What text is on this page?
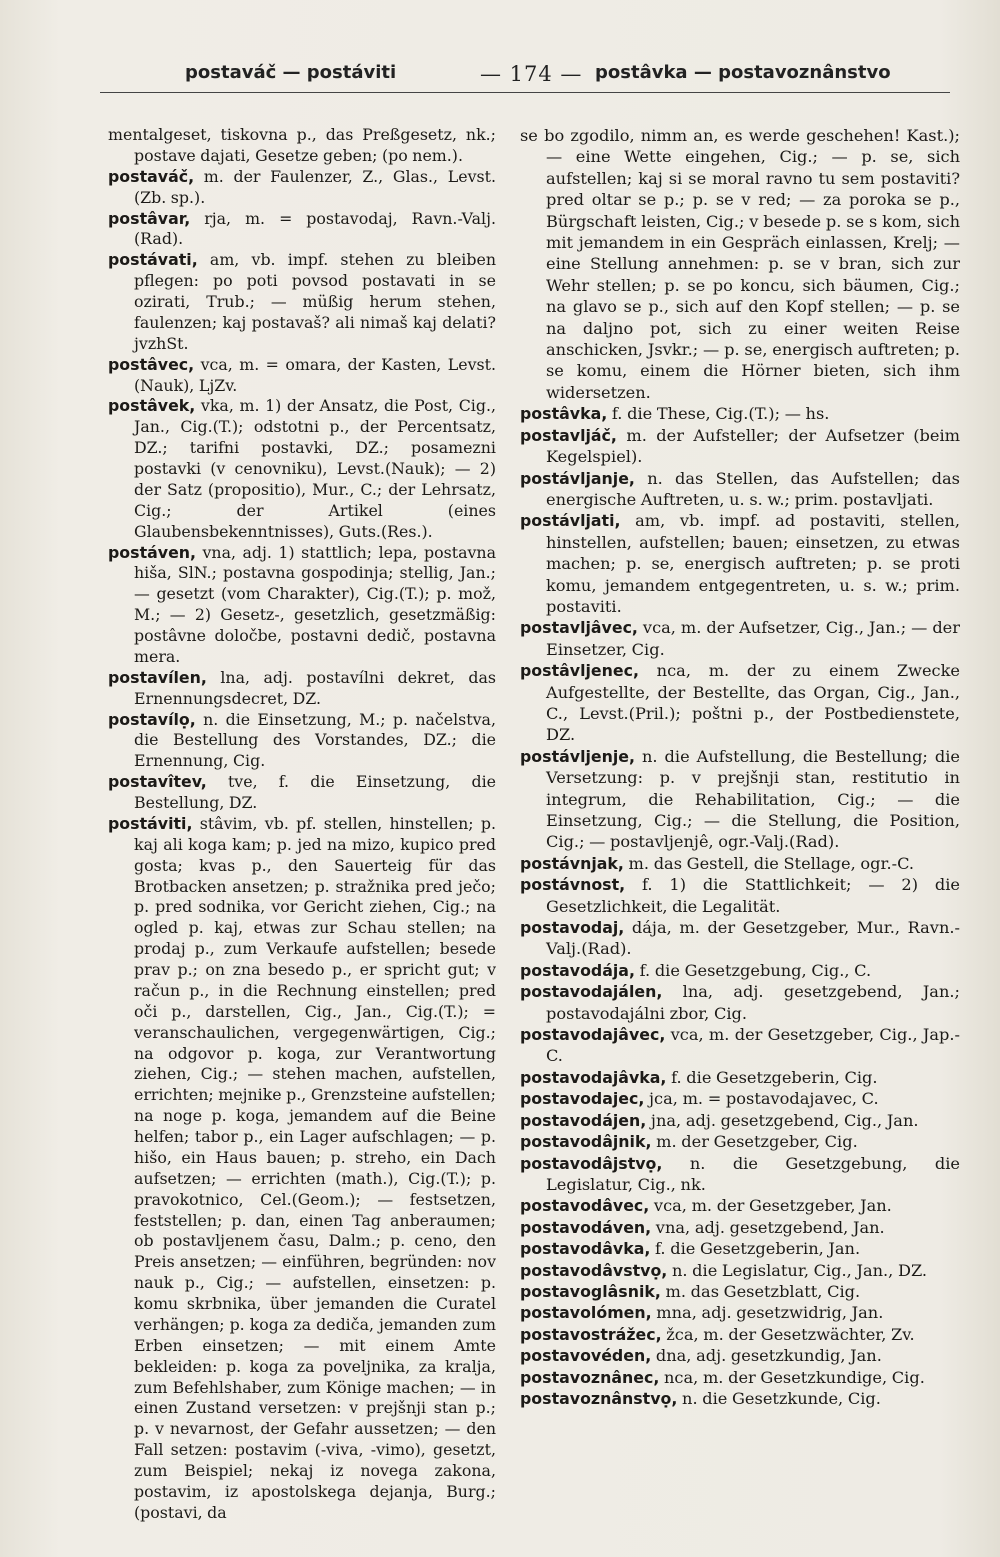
postaváč — postáviti	— 174 — postâvka — postavoznânstvo

mentalgeset, tiskovna p., das Preßgesetz, nk.; postave dajati, Gesetze geben; (po nem.).

postaváč, m. der Faulenzer, Z., Glas., Levst. (Zb. sp.).

postâvar, rja, m. = postavodaj, Ravn.-Valj. (Rad).

postávati, am, vb. impf. stehen zu bleiben pflegen: po poti povsod postavati in se ozirati, Trub.; — müßig herum stehen, faulenzen; kaj postavaš? ali nimaš kaj delati? jvzhSt.

postâvec, vca, m. = omara, der Kasten, Levst. (Nauk), LjZv.

postâvek, vka, m. 1) der Ansatz, die Post, Cig., Jan., Cig.(T.); odstotni p., der Percentsatz, DZ.; tarifni postavki, DZ.; posamezni postavki (v cenovniku), Levst.(Nauk); — 2) der Satz (propositio), Mur., C.; der Lehrsatz, Cig.; der Artikel (eines Glaubensbekenntnisses), Guts.(Res.).

postáven, vna, adj. 1) stattlich; lepa, postavna hiša, SlN.; postavna gospodinja; stellig, Jan.; — gesetzt (vom Charakter), Cig.(T.); p. mož, M.; — 2) Gesetz-, gesetzlich, gesetzmäßig: postâvne določbe, postavni dedič, postavna mera.

postavílen, lna, adj. postavílni dekret, das Ernennungsdecret, DZ.

postavílọ, n. die Einsetzung, M.; p. načelstva, die Bestellung des Vorstandes, DZ.; die Ernennung, Cig.

postavîtev, tve, f. die Einsetzung, die Bestellung, DZ.

postáviti, stâvim, vb. pf. stellen, hinstellen; p. kaj ali koga kam; p. jed na mizo, kupico pred gosta; kvas p., den Sauerteig für das Brotbacken ansetzen; p. stražnika pred ječo; p. pred sodnika, vor Gericht ziehen, Cig.; na ogled p. kaj, etwas zur Schau stellen; na prodaj p., zum Verkaufe aufstellen; besede prav p.; on zna besedo p., er spricht gut; v račun p., in die Rechnung einstellen; pred oči p., darstellen, Cig., Jan., Cig.(T.); = veranschaulichen, vergegenwärtigen, Cig.; na odgovor p. koga, zur Verantwortung ziehen, Cig.; — stehen machen, aufstellen, errichten; mejnike p., Grenzsteine aufstellen; na noge p. koga, jemandem auf die Beine helfen; tabor p., ein Lager aufschlagen; — p. hišo, ein Haus bauen; p. streho, ein Dach aufsetzen; — errichten (math.), Cig.(T.); p. pravokotnico, Cel.(Geom.); — festsetzen, feststellen; p. dan, einen Tag anberaumen; ob postavljenem času, Dalm.; p. ceno, den Preis ansetzen; — einführen, begründen: nov nauk p., Cig.; — aufstellen, einsetzen: p. komu skrbnika, über jemanden die Curatel verhängen; p. koga za dediča, jemanden zum Erben einsetzen; — mit einem Amte bekleiden: p. koga za poveljnika, za kralja, zum Befehlshaber, zum Könige machen; — in einen Zustand versetzen: v prejšnji stan p.; p. v nevarnost, der Gefahr aussetzen; — den Fall setzen: postavim (-viva, -vimo), gesetzt, zum Beispiel; nekaj iz novega zakona, postavim, iz apostolskega dejanja, Burg.; (postavi, da

se bo zgodilo, nimm an, es werde geschehen! Kast.); — eine Wette eingehen, Cig.; — p. se, sich aufstellen; kaj si se moral ravno tu sem postaviti? pred oltar se p.; p. se v red; — za poroka se p., Bürgschaft leisten, Cig.; v besede p. se s kom, sich mit jemandem in ein Gespräch einlassen, Krelj; — eine Stellung annehmen: p. se v bran, sich zur Wehr stellen; p. se po koncu, sich bäumen, Cig.; na glavo se p., sich auf den Kopf stellen; — p. se na daljno pot, sich zu einer weiten Reise anschicken, Jsvkr.; — p. se, energisch auftreten; p. se komu, einem die Hörner bieten, sich ihm widersetzen.

postâvka, f. die These, Cig.(T.); — hs.

postavljáč, m. der Aufsteller; der Aufsetzer (beim Kegelspiel).

postávljanje, n. das Stellen, das Aufstellen; das energische Auftreten, u. s. w.; prim. postavljati.

postávljati, am, vb. impf. ad postaviti, stellen, hinstellen, aufstellen; bauen; einsetzen, zu etwas machen; p. se, energisch auftreten; p. se proti komu, jemandem entgegentreten, u. s. w.; prim. postaviti.

postavljâvec, vca, m. der Aufsetzer, Cig., Jan.; — der Einsetzer, Cig.

postâvljenec, nca, m. der zu einem Zwecke Aufgestellte, der Bestellte, das Organ, Cig., Jan., C., Levst.(Pril.); poštni p., der Postbedienstete, DZ.

postávljenje, n. die Aufstellung, die Bestellung; die Versetzung: p. v prejšnji stan, restitutio in integrum, die Rehabilitation, Cig.; — die Einsetzung, Cig.; — die Stellung, die Position, Cig.; — postavljenjê, ogr.-Valj.(Rad).

postávnjak, m. das Gestell, die Stellage, ogr.-C.

postávnost, f. 1) die Stattlichkeit; — 2) die Gesetzlichkeit, die Legalität.

postavodaj, dája, m. der Gesetzgeber, Mur., Ravn.-Valj.(Rad).

postavodája, f. die Gesetzgebung, Cig., C.

postavodajálen, lna, adj. gesetzgebend, Jan.; postavodajálni zbor, Cig.

postavodajâvec, vca, m. der Gesetzgeber, Cig., Jap.-C.

postavodajâvka, f. die Gesetzgeberin, Cig.

postavodajec, jca, m. = postavodajavec, C.

postavodájen, jna, adj. gesetzgebend, Cig., Jan.

postavodâjnik, m. der Gesetzgeber, Cig.

postavodâjstvọ, n. die Gesetzgebung, die Legislatur, Cig., nk.

postavodâvec, vca, m. der Gesetzgeber, Jan.

postavodáven, vna, adj. gesetzgebend, Jan.

postavodâvka, f. die Gesetzgeberin, Jan.

postavodâvstvọ, n. die Legislatur, Cig., Jan., DZ.

postavoglâsnik, m. das Gesetzblatt, Cig.

postavolómen, mna, adj. gesetzwidrig, Jan.

postavostrážec, žca, m. der Gesetzwächter, Zv.

postavovéden, dna, adj. gesetzkundig, Jan.

postavoznânec, nca, m. der Gesetzkundige, Cig.

postavoznânstvọ, n. die Gesetzkunde, Cig.
